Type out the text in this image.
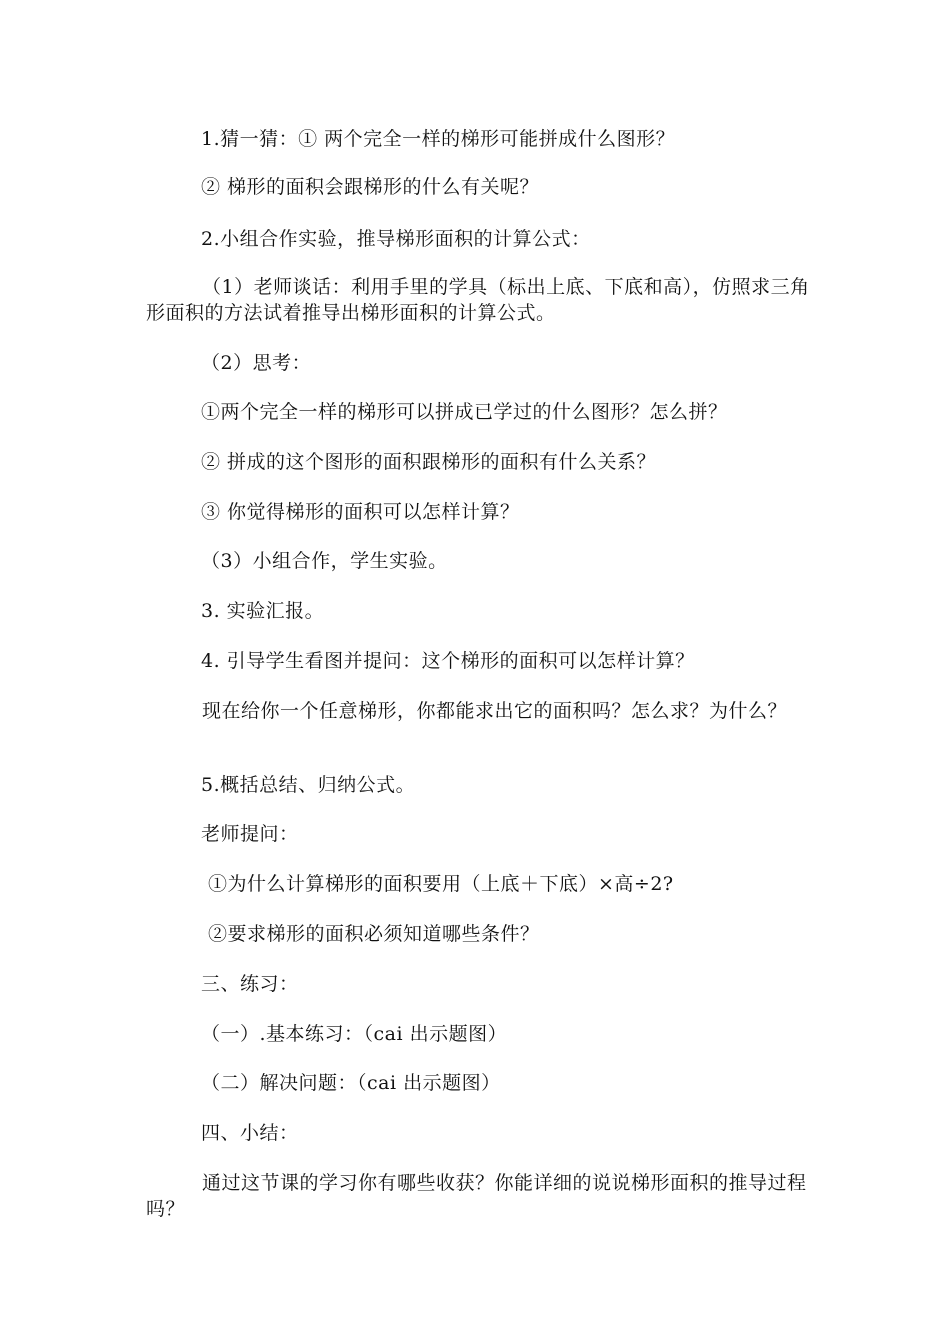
1.猜一猜：① 两个完全一样的梯形可能拼成什么图形？
② 梯形的面积会跟梯形的什么有关呢？
2.小组合作实验，推导梯形面积的计算公式：
（1）老师谈话：利用手里的学具（标出上底、下底和高），仿照求三角形面积的方法试着推导出梯形面积的计算公式。
（2）思考：
①两个完全一样的梯形可以拼成已学过的什么图形？怎么拼？
② 拼成的这个图形的面积跟梯形的面积有什么关系？
③ 你觉得梯形的面积可以怎样计算？
（3）小组合作，学生实验。
3. 实验汇报。
4. 引导学生看图并提问：这个梯形的面积可以怎样计算？
现在给你一个任意梯形，你都能求出它的面积吗？怎么求？为什么？
5.概括总结、归纳公式。
老师提问：
①为什么计算梯形的面积要用（上底＋下底）×高÷2?
②要求梯形的面积必须知道哪些条件？
三、练习：
（一）.基本练习：（cai 出示题图）
（二）解决问题：（cai 出示题图）
四、小结：
通过这节课的学习你有哪些收获？你能详细的说说梯形面积的推导过程吗？
